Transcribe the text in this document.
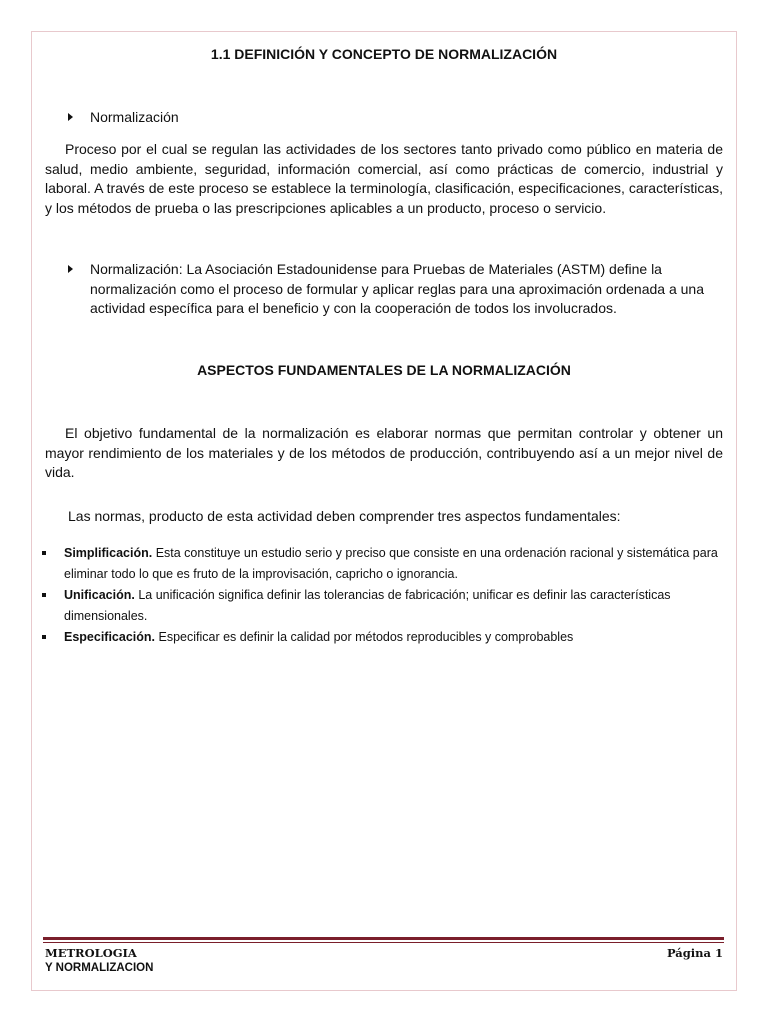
1.1 DEFINICIÓN Y CONCEPTO DE NORMALIZACIÓN
Normalización
Proceso por el cual se regulan las actividades de los sectores tanto privado como público en materia de salud, medio ambiente, seguridad, información comercial, así como prácticas de comercio, industrial y laboral. A través de este proceso se establece la terminología, clasificación, especificaciones, características, y los métodos de prueba o las prescripciones aplicables a un producto, proceso o servicio.
Normalización: La Asociación Estadounidense para Pruebas de Materiales (ASTM) define la normalización como el proceso de formular y aplicar reglas para una aproximación ordenada a una actividad específica para el beneficio y con la cooperación de todos los involucrados.
ASPECTOS FUNDAMENTALES DE LA NORMALIZACIÓN
El objetivo fundamental de la normalización es elaborar normas que permitan controlar y obtener un mayor rendimiento de los materiales y de los métodos de producción, contribuyendo así a un mejor nivel de vida.
Las normas, producto de esta actividad deben comprender tres aspectos fundamentales:
Simplificación. Esta constituye un estudio serio y preciso que consiste en una ordenación racional y sistemática para eliminar todo lo que es fruto de la improvisación, capricho o ignorancia.
Unificación. La unificación significa definir las tolerancias de fabricación; unificar es definir las características dimensionales.
Especificación. Especificar es definir la calidad por métodos reproducibles y comprobables
METROLOGIA
Y NORMALIZACION
Página 1
